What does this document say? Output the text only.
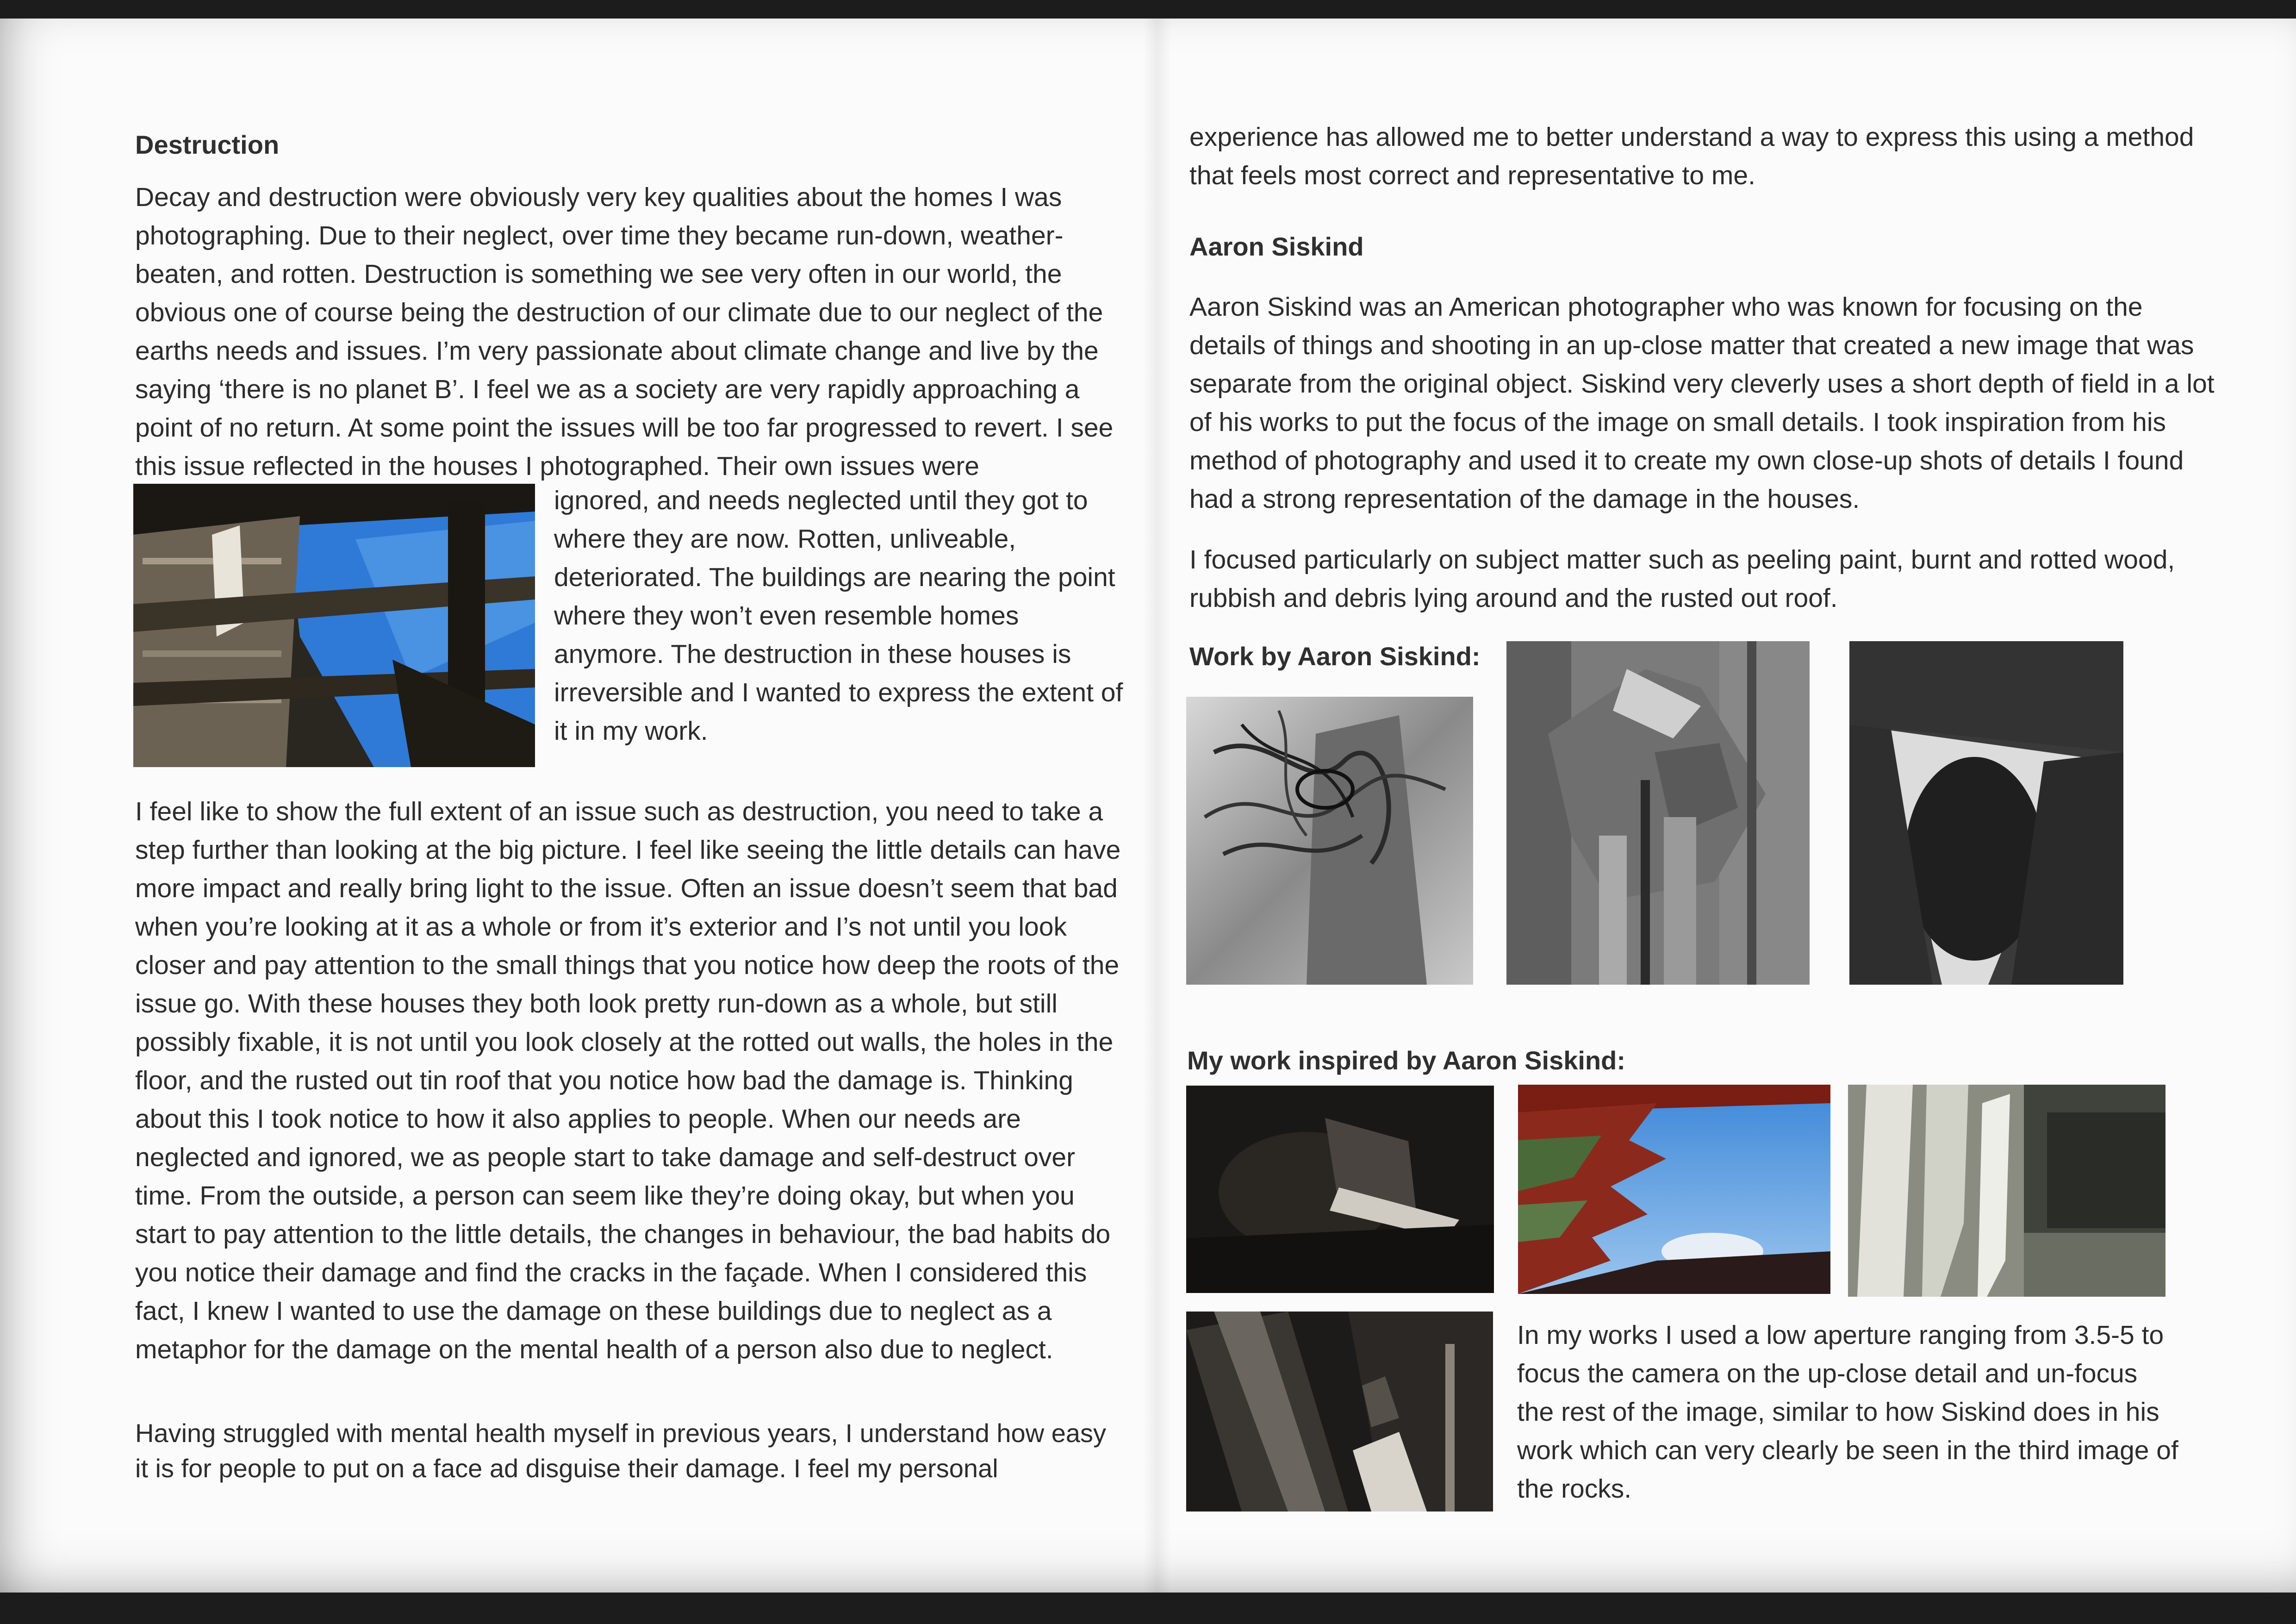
Destruction

Decay and destruction were obviously very key qualities about the homes I was photographing. Due to their neglect, over time they became run-down, weather-beaten, and rotten. Destruction is something we see very often in our world, the obvious one of course being the destruction of our climate due to our neglect of the earths needs and issues. I’m very passionate about climate change and live by the saying ‘there is no planet B’. I feel we as a society are very rapidly approaching a point of no return. At some point the issues will be too far progressed to revert. I see this issue reflected in the houses I photographed. Their own issues were

ignored, and needs neglected until they got to where they are now. Rotten, unliveable, deteriorated. The buildings are nearing the point where they won’t even resemble homes anymore. The destruction in these houses is irreversible and I wanted to express the extent of it in my work.

I feel like to show the full extent of an issue such as destruction, you need to take a step further than looking at the big picture. I feel like seeing the little details can have more impact and really bring light to the issue. Often an issue doesn’t seem that bad when you’re looking at it as a whole or from it’s exterior and I’s not until you look closer and pay attention to the small things that you notice how deep the roots of the issue go. With these houses they both look pretty run-down as a whole, but still possibly fixable, it is not until you look closely at the rotted out walls, the holes in the floor, and the rusted out tin roof that you notice how bad the damage is. Thinking about this I took notice to how it also applies to people. When our needs are neglected and ignored, we as people start to take damage and self-destruct over time. From the outside, a person can seem like they’re doing okay, but when you start to pay attention to the little details, the changes in behaviour, the bad habits do you notice their damage and find the cracks in the façade. When I considered this fact, I knew I wanted to use the damage on these buildings due to neglect as a metaphor for the damage on the mental health of a person also due to neglect.

Having struggled with mental health myself in previous years, I understand how easy it is for people to put on a face ad disguise their damage. I feel my personal

experience has allowed me to better understand a way to express this using a method that feels most correct and representative to me.

Aaron Siskind

Aaron Siskind was an American photographer who was known for focusing on the details of things and shooting in an up-close matter that created a new image that was separate from the original object. Siskind very cleverly uses a short depth of field in a lot of his works to put the focus of the image on small details. I took inspiration from his method of photography and used it to create my own close-up shots of details I found had a strong representation of the damage in the houses.

I focused particularly on subject matter such as peeling paint, burnt and rotted wood, rubbish and debris lying around and the rusted out roof.

Work by Aaron Siskind:
My work inspired by Aaron Siskind:

In my works I used a low aperture ranging from 3.5-5 to focus the camera on the up-close detail and un-focus the rest of the image, similar to how Siskind does in his work which can very clearly be seen in the third image of the rocks.
